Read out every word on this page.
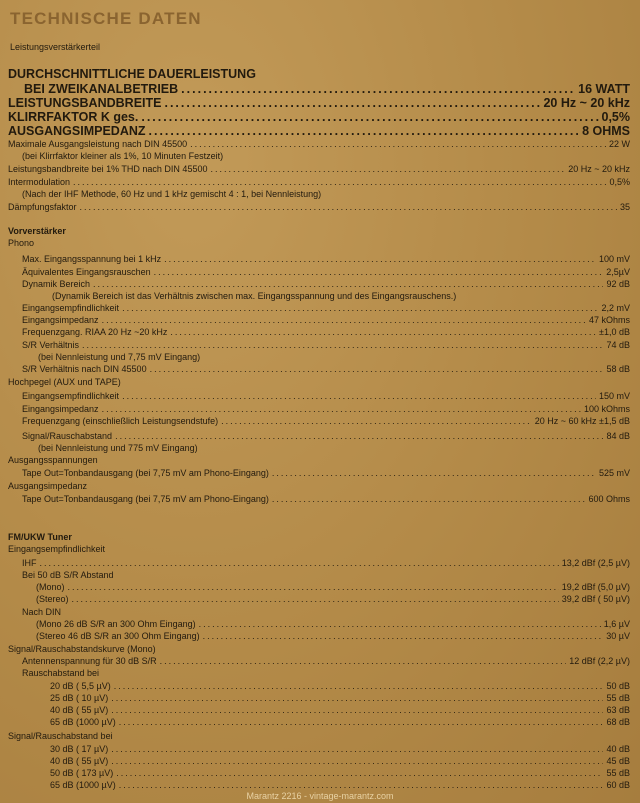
TECHNISCHE DATEN
Leistungsverstärkerteil
DURCHSCHNITTLICHE DAUERLEISTUNG
BEI ZWEIKANALBETRIEB .....	16 WATT
LEISTUNGSBANDBREITE .....	20 Hz ~ 20 kHz
KLIRRFAKTOR K ges. .....	0,5%
AUSGANGSIMPEDANZ .....	8 OHMS
Maximale Ausgangsleistung nach DIN 45500 .....	22 W
(bei Klirrfaktor kleiner als 1%, 10 Minuten Festzeit)
Leistungsbandbreite bei 1% THD nach DIN 45500 .....	20 Hz ~ 20 kHz
Intermodulation .....	0,5%
(Nach der IHF Methode, 60 Hz und 1 kHz gemischt 4 : 1, bei Nennleistung)
Dämpfungsfaktor .....	35
Vorverstärker
Phono
Max. Eingangsspannung bei 1 kHz .....	100 mV
Äquivalentes Eingangsrauschen .....	2,5µV
Dynamik Bereich .....	92 dB
(Dynamik Bereich ist das Verhältnis zwischen max. Eingangsspannung und des Eingangsrauschens.)
Eingangsempfindlichkeit .....	2,2 mV
Eingangsimpedanz .....	47 kOhms
Frequenzgang. RIAA 20 Hz ~20 kHz .....	±1,0 dB
S/R Verhältnis .....	74 dB
(bei Nennleistung und 7,75 mV Eingang)
S/R Verhältnis nach DIN 45500 .....	58 dB
Hochpegel (AUX und TAPE)
Eingangsempfindlichkeit .....	150 mV
Eingangsimpedanz .....	100 kOhms
Frequenzgang (einschließlich Leistungsendstufe) .....	20 Hz ~ 60 kHz ±1,5 dB
Signal/Rauschabstand .....	84 dB
(bei Nennleistung und 775 mV Eingang)
Ausgangsspannungen
Tape Out=Tonbandausgang (bei 7,75 mV am Phono-Eingang) .....	525 mV
Ausgangsimpedanz
Tape Out=Tonbandausgang (bei 7,75 mV am Phono-Eingang) .....	600 Ohms
FM/UKW Tuner
Eingangsempfindlichkeit
IHF .....	13,2 dBf (2,5 µV)
Bei 50 dB S/R Abstand
(Mono) .....	19,2 dBf (5,0 µV)
(Stereo) .....	39,2 dBf ( 50 µV)
Nach DIN
(Mono 26 dB S/R an 300 Ohm Eingang) .....	1,6 µV
(Stereo 46 dB S/R an 300 Ohm Eingang) .....	30 µV
Signal/Rauschabstandskurve (Mono)
Antennenspannung für 30 dB S/R .....	12 dBf (2,2 µV)
Rauschabstand bei
20 dB ( 5,5 µV) .....	50 dB
25 dB ( 10 µV) .....	55 dB
40 dB ( 55 µV) .....	63 dB
65 dB (1000 µV) .....	68 dB
Signal/Rauschabstand bei
30 dB ( 17 µV) .....	40 dB
40 dB ( 55 µV) .....	45 dB
50 dB ( 173 µV) .....	55 dB
65 dB (1000 µV) .....	60 dB
Marantz 2216 - vintage-marantz.com
